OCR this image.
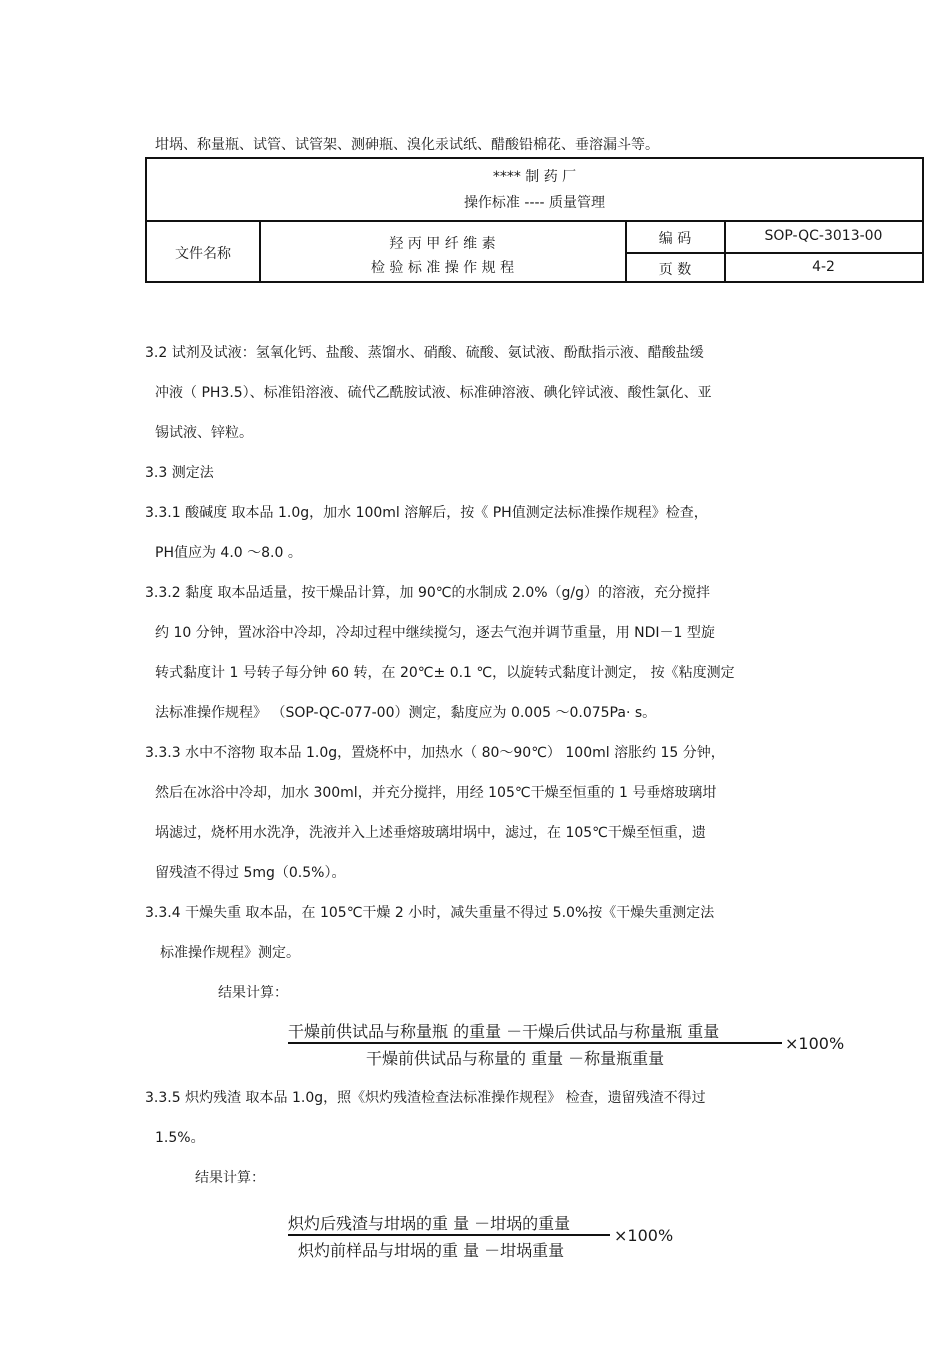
坩埚、称量瓶、试管、试管架、测砷瓶、溴化汞试纸、醋酸铅棉花、垂溶漏斗等。
**** 制 药 厂
操作标准 ---- 质量管理
文件名称
羟 丙 甲 纤 维 素
检 验 标 准 操 作 规 程
编 码	SOP-QC-3013-00
页 数	4-2
3.2 试剂及试液：氢氧化钙、盐酸、蒸馏水、硝酸、硫酸、氨试液、酚酞指示液、醋酸盐缓
冲液（ PH3.5）、标准铅溶液、硫代乙酰胺试液、标准砷溶液、碘化锌试液、酸性氯化、亚
锡试液、锌粒。
3.3 测定法
3.3.1 酸碱度 取本品 1.0g，加水 100ml 溶解后，按《 PH值测定法标准操作规程》检查，
PH值应为 4.0 ～8.0 。
3.3.2 黏度 取本品适量，按干燥品计算，加 90℃的水制成 2.0%（g/g）的溶液，充分搅拌
约 10 分钟，置冰浴中冷却，冷却过程中继续搅匀，逐去气泡并调节重量，用 NDI－1 型旋
转式黏度计 1 号转子每分钟 60 转，在 20℃± 0.1 ℃，以旋转式黏度计测定， 按《粘度测定
法标准操作规程》 （SOP-QC-077-00）测定，黏度应为 0.005 ～0.075Pa· s。
3.3.3 水中不溶物 取本品 1.0g，置烧杯中，加热水（ 80～90℃） 100ml 溶胀约 15 分钟，
然后在冰浴中冷却，加水 300ml，并充分搅拌，用经 105℃干燥至恒重的 1 号垂熔玻璃坩
埚滤过，烧杯用水洗净，洗液并入上述垂熔玻璃坩埚中，滤过，在 105℃干燥至恒重，遗
留残渣不得过 5mg（0.5%）。
3.3.4 干燥失重 取本品，在 105℃干燥 2 小时，减失重量不得过 5.0%按《干燥失重测定法
标准操作规程》测定。
结果计算：
干燥前供试品与称量瓶 的重量 －干燥后供试品与称量瓶 重量
干燥前供试品与称量的 重量 －称量瓶重量
×100%
3.3.5 炽灼残渣 取本品 1.0g，照《炽灼残渣检查法标准操作规程》 检查，遗留残渣不得过
1.5%。
结果计算：
炽灼后残渣与坩埚的重 量 －坩埚的重量
炽灼前样品与坩埚的重 量 －坩埚重量
×100%
